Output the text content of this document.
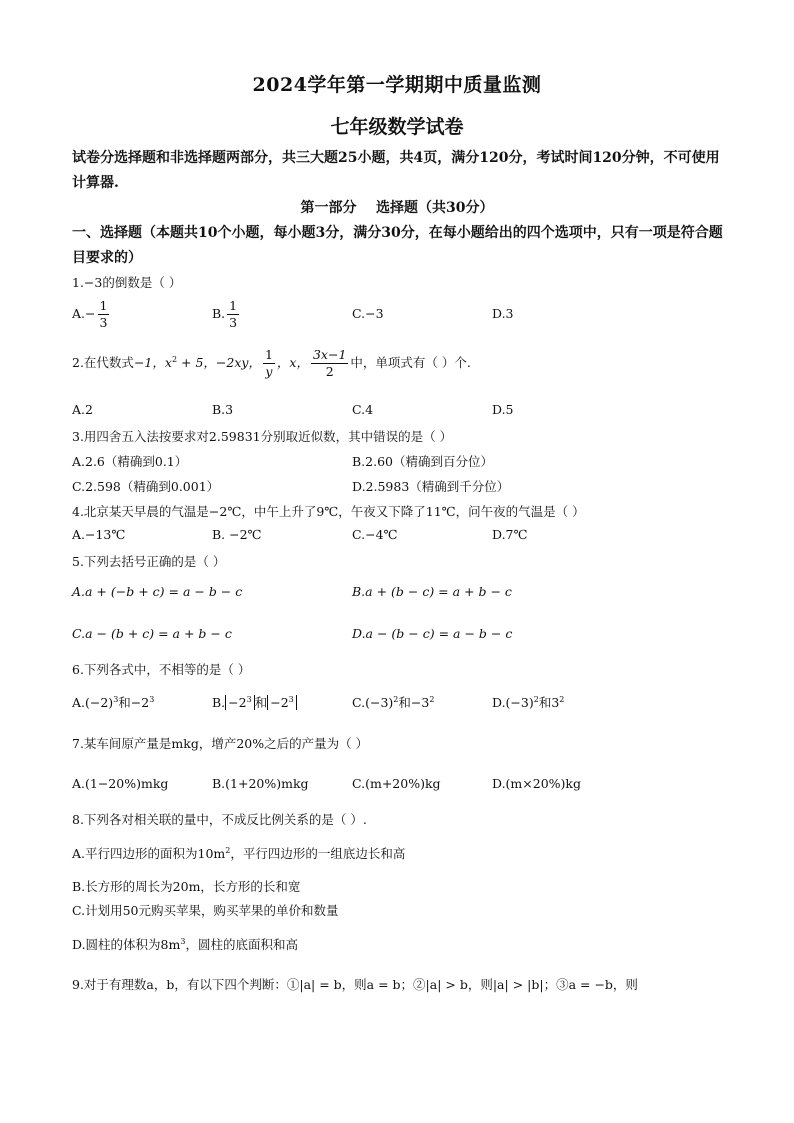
2024学年第一学期期中质量监测
七年级数学试卷
试卷分选择题和非选择题两部分，共三大题25小题，共4页，满分120分，考试时间120分钟，不可使用计算器.
第一部分    选择题（共30分）
一、选择题（本题共10个小题，每小题3分，满分30分，在每小题给出的四个选项中，只有一项是符合题目要求的）
1.−3的倒数是（ ）
$A.- \frac{1}{3}$	B. $\frac{1}{3}$	C.−3	D.3
2.在代数式−1，$x^2 + 5$，−2xy， $\frac{1}{y}$ ，x， $\frac{3x-1}{2}$ 中，单项式有（ ）个.
A.2	B.3	C.4	D.5
3.用四舍五入法按要求对2.59831分别取近似数，其中错误的是（ ）
A.2.6（精确到0.1）	B.2.60（精确到百分位）
C.2.598（精确到0.001）	D.2.5983（精确到千分位）
4.北京某天早晨的气温是−2℃，中午上升了9℃，午夜又下降了11℃，问午夜的气温是（ ）
A.−13℃	B. −2℃	C.−4℃	D.7℃
5.下列去括号正确的是（ ）
A.a + (−b + c) = a − b − c	B.a + (b − c) = a + b − c
C.a − (b + c) = a + b − c	D.a − (b − c) = a − b − c
6.下列各式中，不相等的是（ ）
$A.(-2)^3$和$-2^3$	B. $-2^3$ 和 $-2^3$	$C.(-3)^2$和$-3^2$	$D.(-3)^2$和$3^2$
7.某车间原产量是mkg，增产20%之后的产量为（ ）
A.(1−20%)mkg	B.(1+20%)mkg	C.(m+20%)kg	D.(m×20%)kg
8.下列各对相关联的量中，不成反比例关系的是（ ）.
A.平行四边形的面积为$10m^2$，平行四边形的一组底边长和高
B.长方形的周长为20m，长方形的长和宽
C.计划用50元购买苹果，购买苹果的单价和数量
D.圆柱的体积为$8m^3$，圆柱的底面积和高
9.对于有理数a，b，有以下四个判断：①|a| = b，则a = b；②|a| > b，则|a| > |b|；③a = −b，则
